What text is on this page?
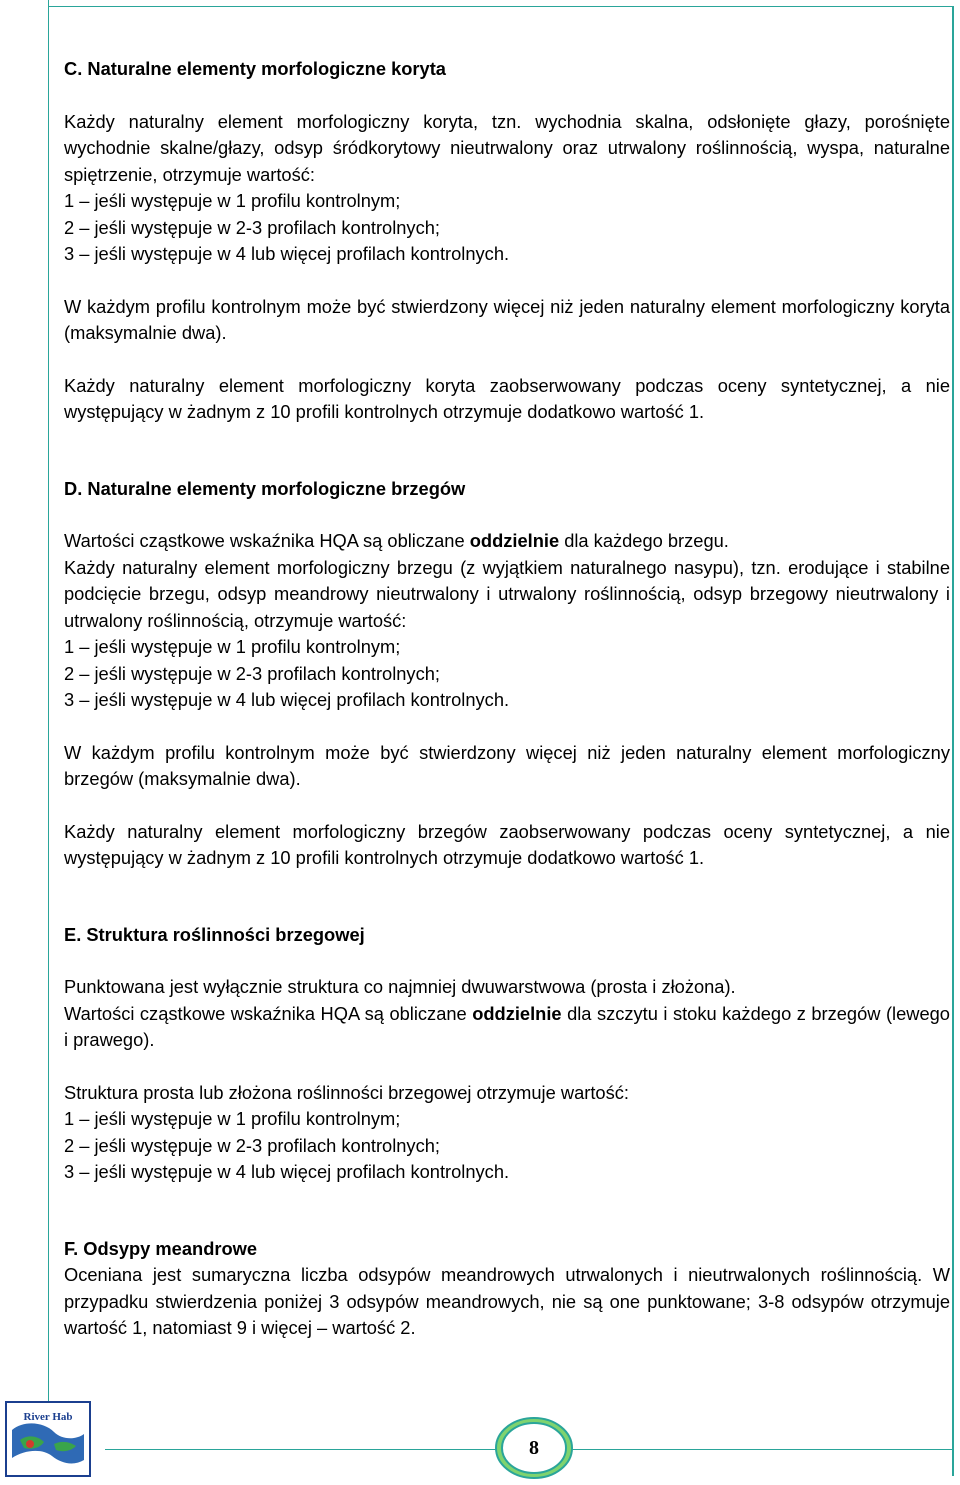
C. Naturalne elementy morfologiczne koryta

Każdy naturalny element morfologiczny koryta, tzn. wychodnia skalna, odsłonięte głazy, porośnięte wychodnie skalne/głazy, odsyp śródkorytowy nieutrwalony oraz utrwalony roślinnością, wyspa, naturalne spiętrzenie, otrzymuje wartość:

1 – jeśli występuje w 1 profilu kontrolnym;
2 – jeśli występuje w 2-3 profilach kontrolnych;
3 – jeśli występuje w 4 lub więcej profilach kontrolnych.

W każdym profilu kontrolnym może być stwierdzony więcej niż jeden naturalny element morfologiczny koryta (maksymalnie dwa).

Każdy naturalny element morfologiczny koryta zaobserwowany podczas oceny syntetycznej, a nie występujący w żadnym z 10 profili kontrolnych otrzymuje dodatkowo wartość 1.

D. Naturalne elementy morfologiczne brzegów

Wartości cząstkowe wskaźnika HQA są obliczane oddzielnie dla każdego brzegu.

Każdy naturalny element morfologiczny brzegu (z wyjątkiem naturalnego nasypu), tzn. erodujące i stabilne podcięcie brzegu, odsyp meandrowy nieutrwalony i utrwalony roślinnością, odsyp brzegowy nieutrwalony i utrwalony roślinnością, otrzymuje wartość:

1 – jeśli występuje w 1 profilu kontrolnym;
2 – jeśli występuje w 2-3 profilach kontrolnych;
3 – jeśli występuje w 4 lub więcej profilach kontrolnych.

W każdym profilu kontrolnym może być stwierdzony więcej niż jeden naturalny element morfologiczny brzegów (maksymalnie dwa).

Każdy naturalny element morfologiczny brzegów zaobserwowany podczas oceny syntetycznej, a nie występujący w żadnym z 10 profili kontrolnych otrzymuje dodatkowo wartość 1.

E. Struktura roślinności brzegowej

Punktowana jest wyłącznie struktura co najmniej dwuwarstwowa (prosta i złożona).

Wartości cząstkowe wskaźnika HQA są obliczane oddzielnie dla szczytu i stoku każdego z brzegów (lewego i prawego).

Struktura prosta lub złożona roślinności brzegowej otrzymuje wartość:

1 – jeśli występuje w 1 profilu kontrolnym;
2 – jeśli występuje w 2-3 profilach kontrolnych;
3 – jeśli występuje w 4 lub więcej profilach kontrolnych.
F. Odsypy meandrowe

Oceniana jest sumaryczna liczba odsypów meandrowych utrwalonych i nieutrwalonych roślinnością. W przypadku stwierdzenia poniżej 3 odsypów meandrowych, nie są one punktowane; 3-8 odsypów otrzymuje wartość 1, natomiast 9 i więcej – wartość 2.

River Hab
8
